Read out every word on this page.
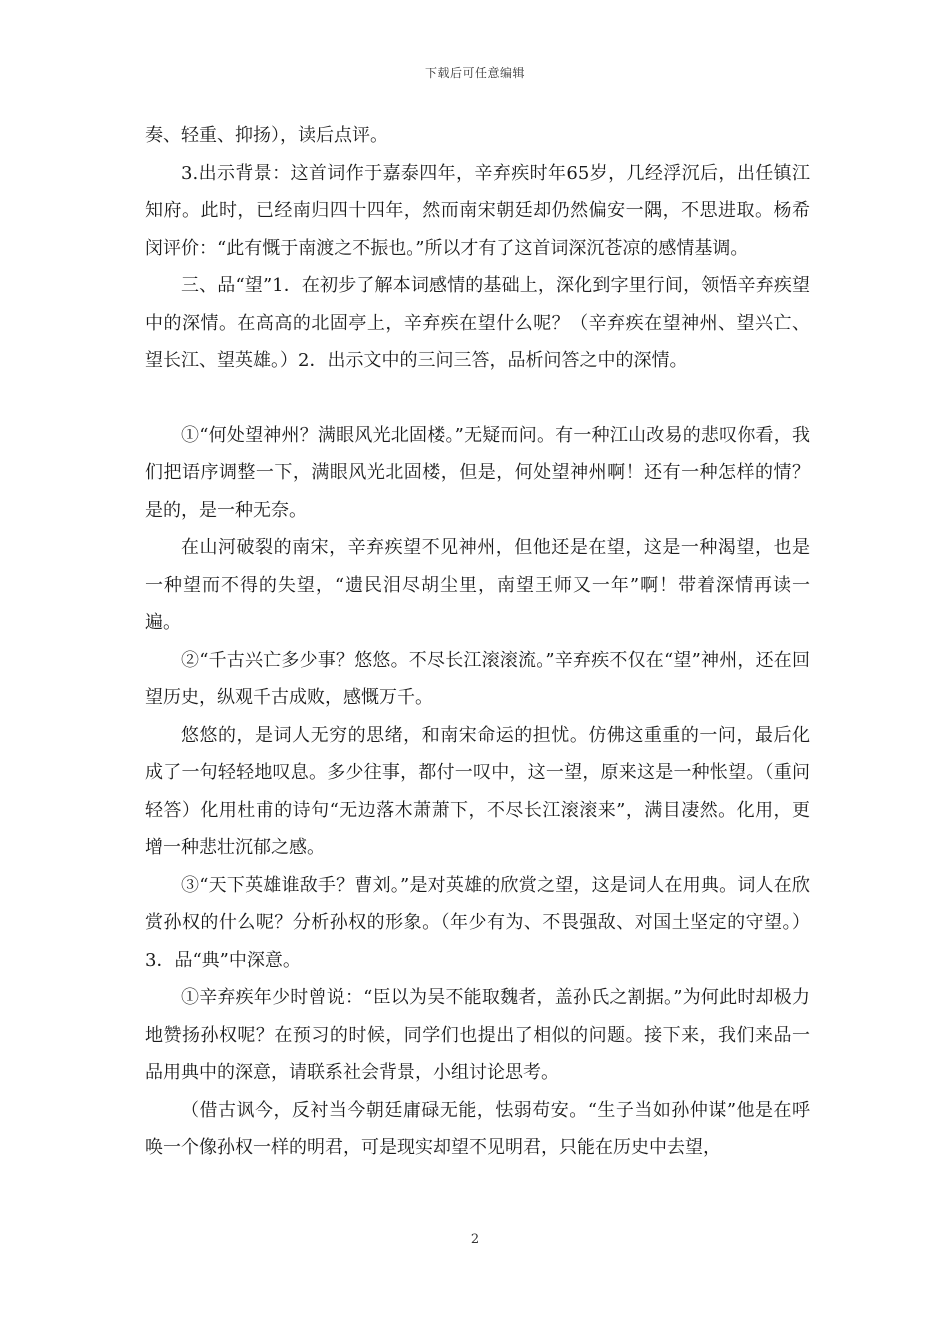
下载后可任意编辑

奏、轻重、抑扬），读后点评。

3.出示背景：这首词作于嘉泰四年，辛弃疾时年65岁，几经浮沉后，出任镇江知府。此时，已经南归四十四年，然而南宋朝廷却仍然偏安一隅，不思进取。杨希闵评价：“此有慨于南渡之不振也。”所以才有了这首词深沉苍凉的感情基调。

三、品“望”1．在初步了解本词感情的基础上，深化到字里行间，领悟辛弃疾望中的深情。在高高的北固亭上，辛弃疾在望什么呢？（辛弃疾在望神州、望兴亡、望长江、望英雄。）2．出示文中的三问三答，品析问答之中的深情。

①“何处望神州？满眼风光北固楼。”无疑而问。有一种江山改易的悲叹你看，我们把语序调整一下，满眼风光北固楼，但是，何处望神州啊！还有一种怎样的情？是的，是一种无奈。

在山河破裂的南宋，辛弃疾望不见神州，但他还是在望，这是一种渴望，也是一种望而不得的失望，“遗民泪尽胡尘里，南望王师又一年”啊！带着深情再读一遍。

②“千古兴亡多少事？悠悠。不尽长江滚滚流。”辛弃疾不仅在“望”神州，还在回望历史，纵观千古成败，感慨万千。

悠悠的，是词人无穷的思绪，和南宋命运的担忧。仿佛这重重的一问，最后化成了一句轻轻地叹息。多少往事，都付一叹中，这一望，原来这是一种怅望。（重问轻答）化用杜甫的诗句“无边落木萧萧下，不尽长江滚滚来”，满目凄然。化用，更增一种悲壮沉郁之感。

③“天下英雄谁敌手？曹刘。”是对英雄的欣赏之望，这是词人在用典。词人在欣赏孙权的什么呢？分析孙权的形象。（年少有为、不畏强敌、对国土坚定的守望。）3．品“典”中深意。

①辛弃疾年少时曾说：“臣以为吴不能取魏者，盖孙氏之割据。”为何此时却极力地赞扬孙权呢？在预习的时候，同学们也提出了相似的问题。接下来，我们来品一品用典中的深意，请联系社会背景，小组讨论思考。

（借古讽今，反衬当今朝廷庸碌无能，怯弱苟安。“生子当如孙仲谋”他是在呼唤一个像孙权一样的明君，可是现实却望不见明君，只能在历史中去望，

2
